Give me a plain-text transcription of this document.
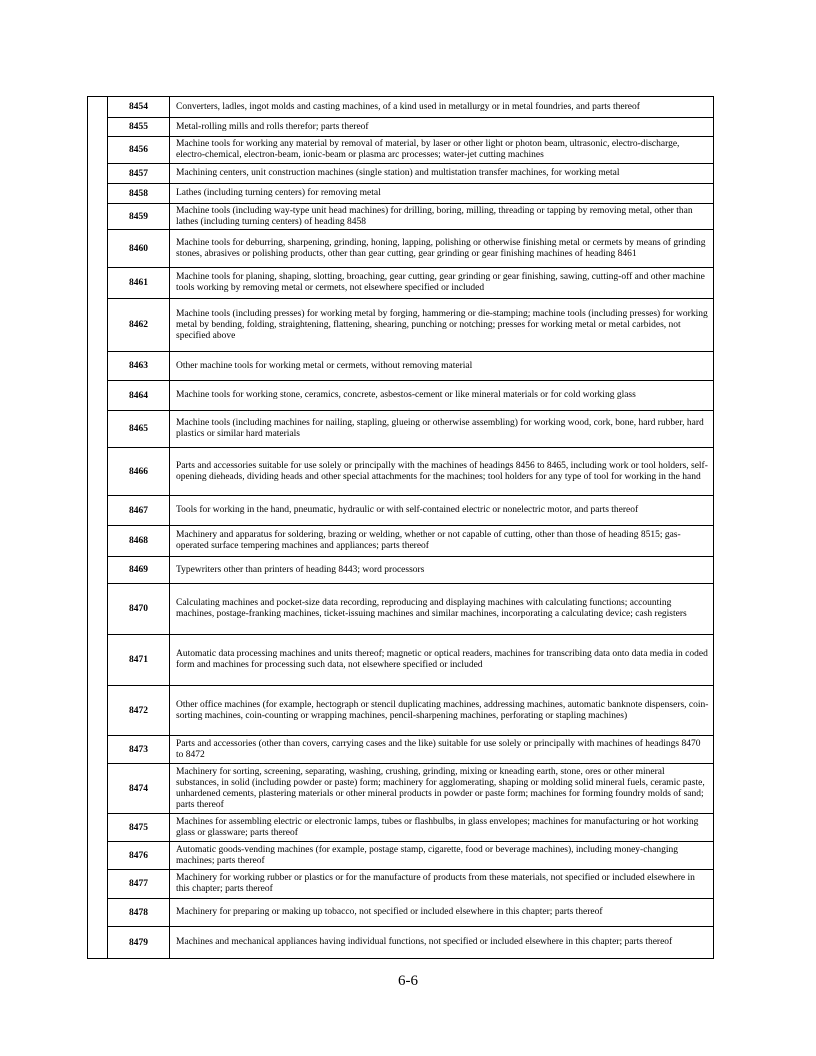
	8454	Converters, ladles, ingot molds and casting machines, of a kind used in metallurgy or in metal foundries, and parts thereof
	8455	Metal-rolling mills and rolls therefor; parts thereof
	8456	Machine tools for working any material by removal of material, by laser or other light or photon beam, ultrasonic, electro-discharge, electro-chemical, electron-beam, ionic-beam or plasma arc processes; water-jet cutting machines
	8457	Machining centers, unit construction machines (single station) and multistation transfer machines, for working metal
	8458	Lathes (including turning centers) for removing metal
	8459	Machine tools (including way-type unit head machines) for drilling, boring, milling, threading or tapping by removing metal, other than lathes (including turning centers) of heading 8458
	8460	Machine tools for deburring, sharpening, grinding, honing, lapping, polishing or otherwise finishing metal or cermets by means of grinding stones, abrasives or polishing products, other than gear cutting, gear grinding or gear finishing machines of heading 8461
	8461	Machine tools for planing, shaping, slotting, broaching, gear cutting, gear grinding or gear finishing, sawing, cutting-off and other machine tools working by removing metal or cermets, not elsewhere specified or included
	8462	Machine tools (including presses) for working metal by forging, hammering or die-stamping; machine tools (including presses) for working metal by bending, folding, straightening, flattening, shearing, punching or notching; presses for working metal or metal carbides, not specified above
	8463	Other machine tools for working metal or cermets, without removing material
	8464	Machine tools for working stone, ceramics, concrete, asbestos-cement or like mineral materials or for cold working glass
	8465	Machine tools (including machines for nailing, stapling, glueing or otherwise assembling) for working wood, cork, bone, hard rubber, hard plastics or similar hard materials
	8466	Parts and accessories suitable for use solely or principally with the machines of headings 8456 to 8465, including work or tool holders, self-opening dieheads, dividing heads and other special attachments for the machines; tool holders for any type of tool for working in the hand
	8467	Tools for working in the hand, pneumatic, hydraulic or with self-contained electric or nonelectric motor, and parts thereof
	8468	Machinery and apparatus for soldering, brazing or welding, whether or not capable of cutting, other than those of heading 8515; gas-operated surface tempering machines and appliances; parts thereof
	8469	Typewriters other than printers of heading 8443; word processors
	8470	Calculating machines and pocket-size data recording, reproducing and displaying machines with calculating functions; accounting machines, postage-franking machines, ticket-issuing machines and similar machines, incorporating a calculating device; cash registers
	8471	Automatic data processing machines and units thereof; magnetic or optical readers, machines for transcribing data onto data media in coded form and machines for processing such data, not elsewhere specified or included
	8472	Other office machines (for example, hectograph or stencil duplicating machines, addressing machines, automatic banknote dispensers, coin-sorting machines, coin-counting or wrapping machines, pencil-sharpening machines, perforating or stapling machines)
	8473	Parts and accessories (other than covers, carrying cases and the like) suitable for use solely or principally with machines of headings 8470 to 8472
	8474	Machinery for sorting, screening, separating, washing, crushing, grinding, mixing or kneading earth, stone, ores or other mineral substances, in solid (including powder or paste) form; machinery for agglomerating, shaping or molding solid mineral fuels, ceramic paste, unhardened cements, plastering materials or other mineral products in powder or paste form; machines for forming foundry molds of sand; parts thereof
	8475	Machines for assembling electric or electronic lamps, tubes or flashbulbs, in glass envelopes; machines for manufacturing or hot working glass or glassware; parts thereof
	8476	Automatic goods-vending machines (for example, postage stamp, cigarette, food or beverage machines), including money-changing machines; parts thereof
	8477	Machinery for working rubber or plastics or for the manufacture of products from these materials, not specified or included elsewhere in this chapter; parts thereof
	8478	Machinery for preparing or making up tobacco, not specified or included elsewhere in this chapter; parts thereof
	8479	Machines and mechanical appliances having individual functions, not specified or included elsewhere in this chapter; parts thereof
6-6
